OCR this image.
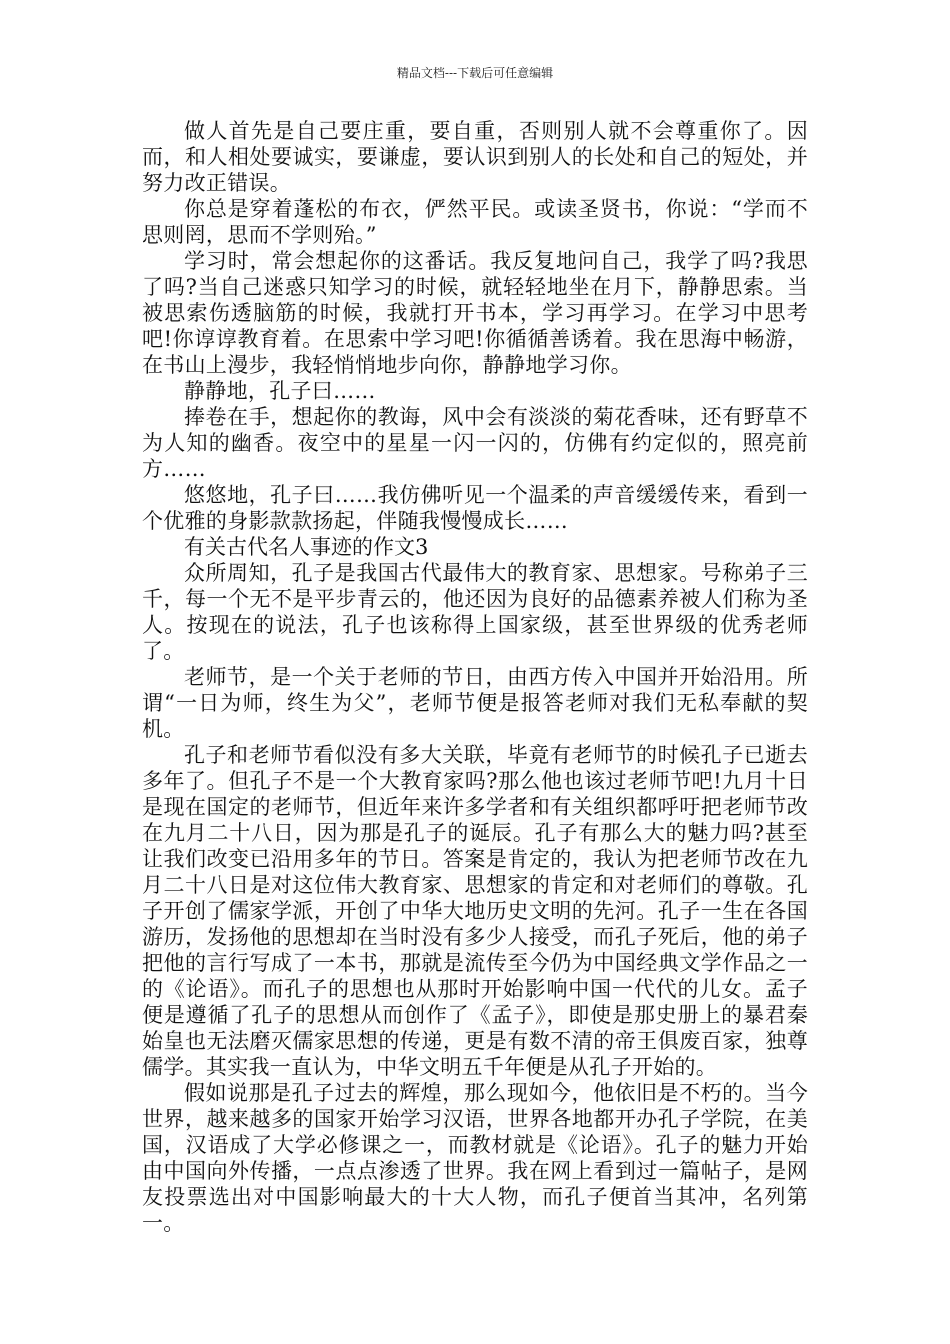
精品文档---下载后可任意编辑

做人首先是自己要庄重，要自重，否则别人就不会尊重你了。因而，和人相处要诚实，要谦虚，要认识到别人的长处和自己的短处，并努力改正错误。

你总是穿着蓬松的布衣，俨然平民。或读圣贤书，你说：“学而不思则罔，思而不学则殆。”

学习时，常会想起你的这番话。我反复地问自己，我学了吗?我思了吗?当自己迷惑只知学习的时候，就轻轻地坐在月下，静静思索。当被思索伤透脑筋的时候，我就打开书本，学习再学习。在学习中思考吧!你谆谆教育着。在思索中学习吧!你循循善诱着。我在思海中畅游，在书山上漫步，我轻悄悄地步向你，静静地学习你。

静静地，孔子曰……

捧卷在手，想起你的教诲，风中会有淡淡的菊花香味，还有野草不为人知的幽香。夜空中的星星一闪一闪的，仿佛有约定似的，照亮前方……

悠悠地，孔子曰……我仿佛听见一个温柔的声音缓缓传来，看到一个优雅的身影款款扬起，伴随我慢慢成长……

有关古代名人事迹的作文3

众所周知，孔子是我国古代最伟大的教育家、思想家。号称弟子三千，每一个无不是平步青云的，他还因为良好的品德素养被人们称为圣人。按现在的说法，孔子也该称得上国家级，甚至世界级的优秀老师了。

老师节，是一个关于老师的节日，由西方传入中国并开始沿用。所谓“一日为师，终生为父”，老师节便是报答老师对我们无私奉献的契机。

孔子和老师节看似没有多大关联，毕竟有老师节的时候孔子已逝去多年了。但孔子不是一个大教育家吗?那么他也该过老师节吧!九月十日是现在国定的老师节，但近年来许多学者和有关组织都呼吁把老师节改在九月二十八日，因为那是孔子的诞辰。孔子有那么大的魅力吗?甚至让我们改变已沿用多年的节日。答案是肯定的，我认为把老师节改在九月二十八日是对这位伟大教育家、思想家的肯定和对老师们的尊敬。孔子开创了儒家学派，开创了中华大地历史文明的先河。孔子一生在各国游历，发扬他的思想却在当时没有多少人接受，而孔子死后，他的弟子把他的言行写成了一本书，那就是流传至今仍为中国经典文学作品之一的《论语》。而孔子的思想也从那时开始影响中国一代代的儿女。孟子便是遵循了孔子的思想从而创作了《孟子》，即使是那史册上的暴君秦始皇也无法磨灭儒家思想的传递，更是有数不清的帝王俱废百家，独尊儒学。其实我一直认为，中华文明五千年便是从孔子开始的。

假如说那是孔子过去的辉煌，那么现如今，他依旧是不朽的。当今世界，越来越多的国家开始学习汉语，世界各地都开办孔子学院，在美国，汉语成了大学必修课之一，而教材就是《论语》。孔子的魅力开始由中国向外传播，一点点渗透了世界。我在网上看到过一篇帖子，是网友投票选出对中国影响最大的十大人物，而孔子便首当其冲，名列第一。
